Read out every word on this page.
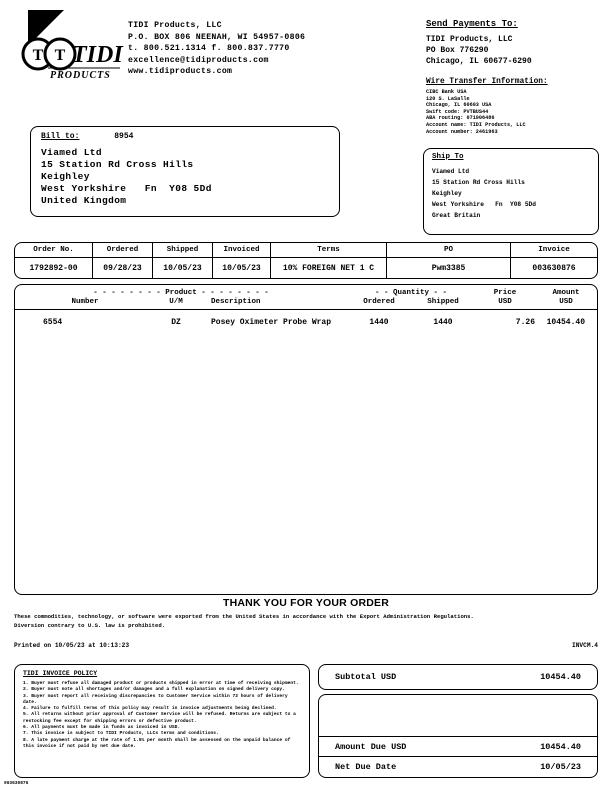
T T TIDI
PRODUCTS
TIDI Products, LLC
P.O. BOX 806 NEENAH, WI 54957-0806
t. 800.521.1314 f. 800.837.7770
excellence@tidiproducts.com
www.tidiproducts.com
Send Payments To:
TIDI Products, LLC
PO Box 776290
Chicago, IL 60677-6290
Wire Transfer Information:
CIBC Bank USA
120 S. LaSalle
Chicago, IL 60603 USA
Swift code: PVTBUS44
ABA routing: 071006486
Account name: TIDI Products, LLC
Account number: 2461963
Bill to:	8954
Viamed Ltd
15 Station Rd Cross Hills
Keighley
West Yorkshire   Fn  Y08 5Dd
United Kingdom
Ship To
Viamed Ltd
15 Station Rd Cross Hills
Keighley
West Yorkshire   Fn  Y08 5Dd
Great Britain
Order No.	Ordered	Shipped	Invoiced	Terms	PO	Invoice
1792892-00	09/28/23	10/05/23	10/05/23	10% FOREIGN NET 1 C	Pwm3385	003630876
- - - - - - - - Product - - - - - - - -	- - Quantity - -	Price	Amount
Number	U/M	Description	Ordered	Shipped	USD	USD
6554	DZ	Posey Oximeter Probe Wrap	1440	1440	7.26	10454.40
THANK YOU FOR YOUR ORDER
These commodities, technology, or software were exported from the United States in accordance with the Export Administration Regulations.
Diversion contrary to U.S. law is prohibited.
Printed on 10/05/23 at 10:13:23	INVCM.4
TIDI INVOICE POLICY
1. Buyer must refuse all damaged product or products shipped in error at time of receiving shipment.
2. Buyer must note all shortages and/or damages and a full explanation on signed delivery copy.
3. Buyer must report all receiving discrepancies to Customer Service within 72 hours of delivery date.
4. Failure to fulfill terms of this policy may result in invoice adjustments being declined.
5. All returns without prior approval of Customer Service will be refused. Returns are subject to a restocking fee except for shipping errors or defective product.
6. All payments must be made in funds as invoiced in USD.
7. This invoice is subject to TIDI Products, LLCs terms and conditions.
8. A late payment charge at the rate of 1.5% per month shall be assessed on the unpaid balance of this invoice if not paid by net due date.
Subtotal USD	10454.40
Amount Due USD	10454.40
Net Due Date	10/05/23
003630876
